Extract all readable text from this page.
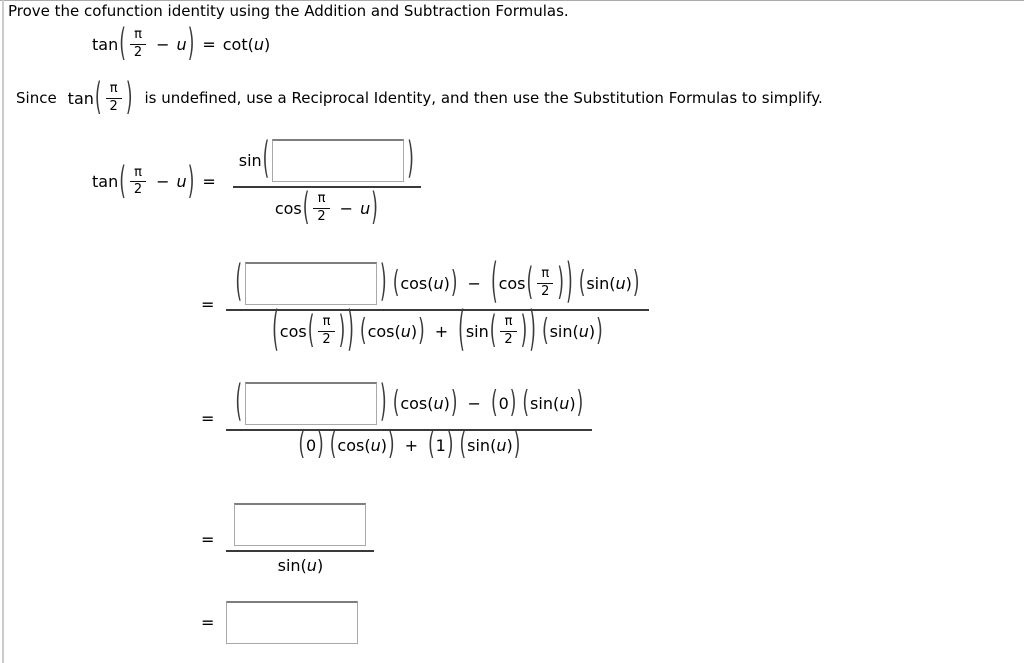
Prove the cofunction identity using the Addition and Subtraction Formulas.
tan ( π
2 − u ) = cot ( u )
Since tan ( π
2 ) is undefined, use a Reciprocal Identity, and then use the Substitution Formulas to simplify.
tan ( π
2 − u ) =
sin (	)
cos ( π
2 − u )
= (	) ( cos ( u ) ) − ( cos ( π
2 ) ) ( sin ( u ) )
( cos ( π
2 ) ) ( cos ( u ) ) + ( sin ( π
2 ) ) ( sin ( u ) )
= (	) ( cos ( u ) ) − ( 0 ) ( sin ( u ) )
( 0 ) ( cos ( u ) ) + ( 1 ) ( sin ( u ) )
=
sin ( u )
=
